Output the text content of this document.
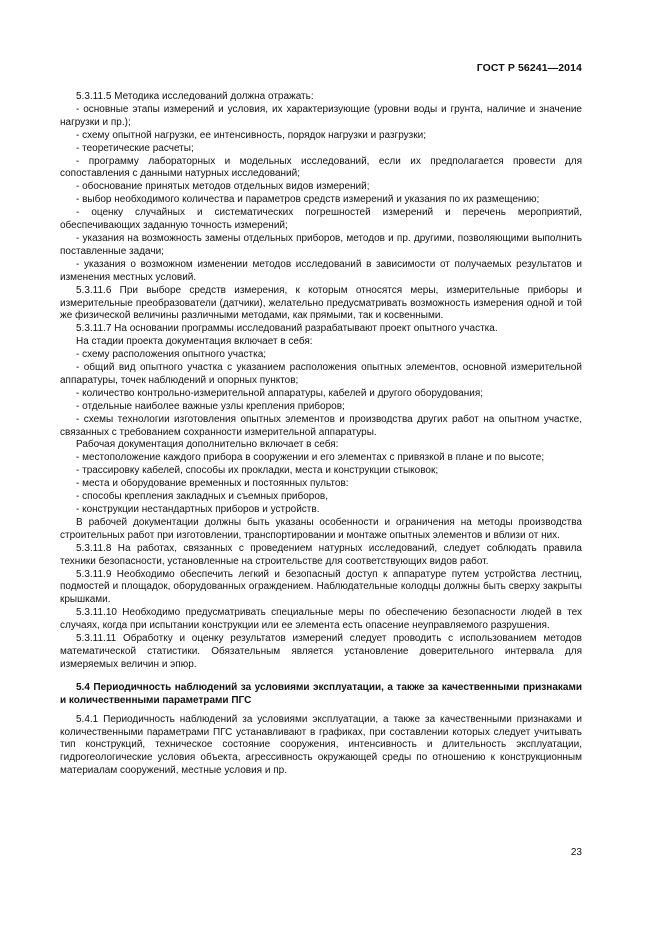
ГОСТ Р 56241—2014

5.3.11.5 Методика исследований должна отражать:

- основные этапы измерений и условия, их характеризующие (уровни воды и грунта, наличие и значение нагрузки и пр.);

- схему опытной нагрузки, ее интенсивность, порядок нагрузки и разгрузки;

- теоретические расчеты;

- программу лабораторных и модельных исследований, если их предполагается провести для сопоставления с данными натурных исследований;

- обоснование принятых методов отдельных видов измерений;

- выбор необходимого количества и параметров средств измерений и указания по их размещению;

- оценку случайных и систематических погрешностей измерений и перечень мероприятий, обеспечивающих заданную точность измерений;

- указания на возможность замены отдельных приборов, методов и пр. другими, позволяющими выполнить поставленные задачи;

- указания о возможном изменении методов исследований в зависимости от получаемых результатов и изменения местных условий.

5.3.11.6 При выборе средств измерения, к которым относятся меры, измерительные приборы и измерительные преобразователи (датчики), желательно предусматривать возможность измерения одной и той же физической величины различными методами, как прямыми, так и косвенными.

5.3.11.7 На основании программы исследований разрабатывают проект опытного участка.

На стадии проекта документация включает в себя:

- схему расположения опытного участка;

- общий вид опытного участка с указанием расположения опытных элементов, основной измерительной аппаратуры, точек наблюдений и опорных пунктов;

- количество контрольно-измерительной аппаратуры, кабелей и другого оборудования;

- отдельные наиболее важные узлы крепления приборов;

- схемы технологии изготовления опытных элементов и производства других работ на опытном участке, связанных с требованием сохранности измерительной аппаратуры.

Рабочая документация дополнительно включает в себя:

- местоположение каждого прибора в сооружении и его элементах с привязкой в плане и по высоте;

- трассировку кабелей, способы их прокладки, места и конструкции стыковок;

- места и оборудование временных и постоянных пультов:

- способы крепления закладных и съемных приборов,

- конструкции нестандартных приборов и устройств.

В рабочей документации должны быть указаны особенности и ограничения на методы производства строительных работ при изготовлении, транспортировании и монтаже опытных элементов и вблизи от них.

5.3.11.8 На работах, связанных с проведением натурных исследований, следует соблюдать правила техники безопасности, установленные на строительстве для соответствующих видов работ.

5.3.11.9 Необходимо обеспечить легкий и безопасный доступ к аппаратуре путем устройства лестниц, подмостей и площадок, оборудованных ограждением. Наблюдательные колодцы должны быть сверху закрыты крышками.

5.3.11.10 Необходимо предусматривать специальные меры по обеспечению безопасности людей в тех случаях, когда при испытании конструкции или ее элемента есть опасение неуправляемого разрушения.

5.3.11.11 Обработку и оценку результатов измерений следует проводить с использованием методов математической статистики. Обязательным является установление доверительного интервала для измеряемых величин и эпюр.

5.4 Периодичность наблюдений за условиями эксплуатации, а также за качественными признаками и количественными параметрами ПГС

5.4.1 Периодичность наблюдений за условиями эксплуатации, а также за качественными признаками и количественными параметрами ПГС устанавливают в графиках, при составлении которых следует учитывать тип конструкций, техническое состояние сооружения, интенсивность и длительность эксплуатации, гидрогеологические условия объекта, агрессивность окружающей среды по отношению к конструкционным материалам сооружений, местные условия и пр.

23
